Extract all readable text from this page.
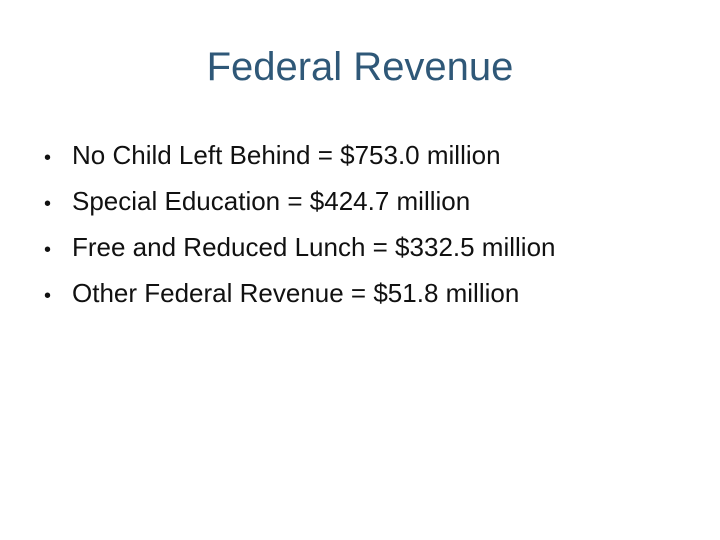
Federal Revenue
• No Child Left Behind = $753.0 million
• Special Education = $424.7 million
• Free and Reduced Lunch = $332.5 million
• Other Federal Revenue = $51.8 million
